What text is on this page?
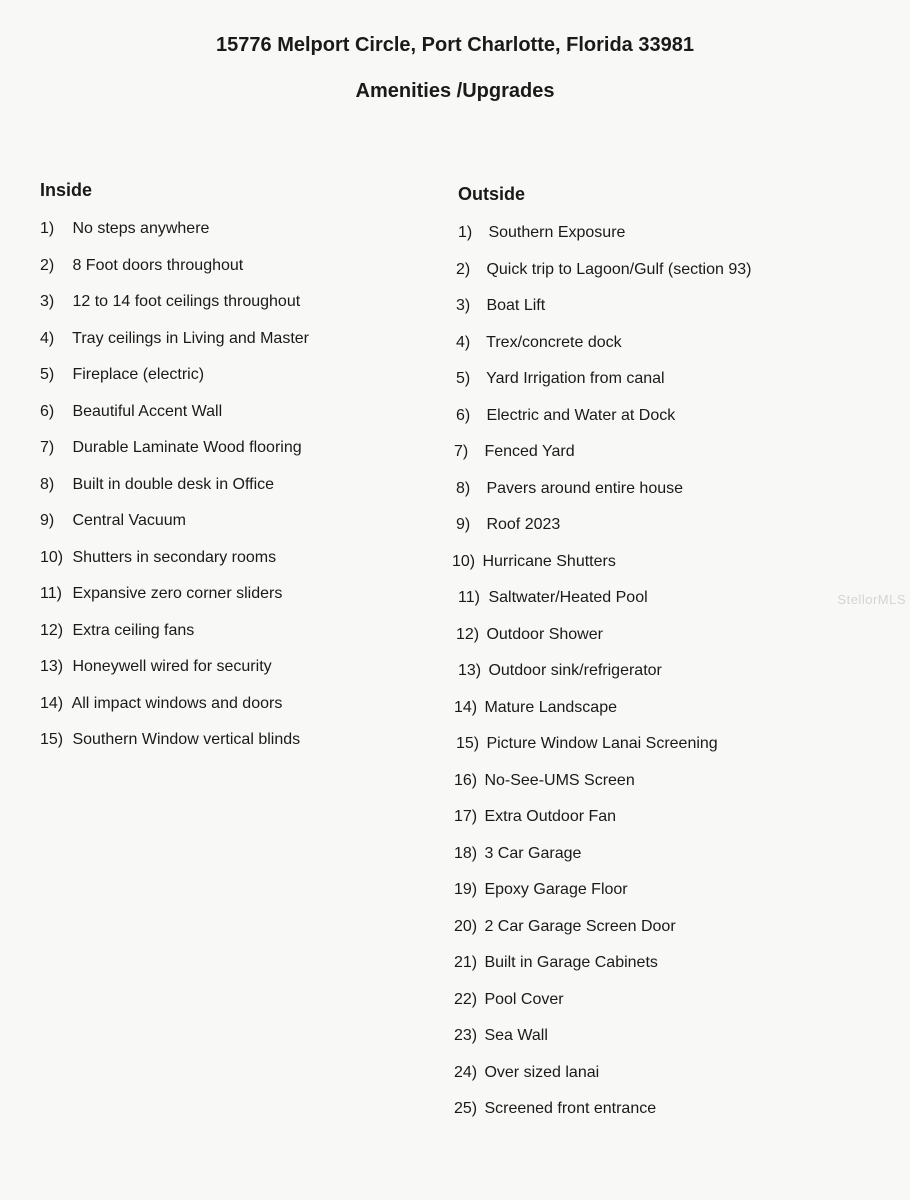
15776 Melport Circle, Port Charlotte, Florida 33981
Amenities /Upgrades
Inside
1) No steps anywhere
2) 8 Foot doors throughout
3) 12 to 14 foot ceilings throughout
4) Tray ceilings in Living and Master
5) Fireplace (electric)
6) Beautiful Accent Wall
7) Durable Laminate Wood flooring
8) Built in double desk in Office
9) Central Vacuum
10) Shutters in secondary rooms
11) Expansive zero corner sliders
12) Extra ceiling fans
13) Honeywell wired for security
14) All impact windows and doors
15) Southern Window vertical blinds
Outside
1) Southern Exposure
2) Quick trip to Lagoon/Gulf (section 93)
3) Boat Lift
4) Trex/concrete dock
5) Yard Irrigation from canal
6) Electric and Water at Dock
7) Fenced Yard
8) Pavers around entire house
9) Roof 2023
10) Hurricane Shutters
11) Saltwater/Heated Pool
12) Outdoor Shower
13) Outdoor sink/refrigerator
14) Mature Landscape
15) Picture Window Lanai Screening
16) No-See-UMS Screen
17) Extra Outdoor Fan
18) 3 Car Garage
19) Epoxy Garage Floor
20) 2 Car Garage Screen Door
21) Built in Garage Cabinets
22) Pool Cover
23) Sea Wall
24) Over sized lanai
25) Screened front entrance
StellorMLS
